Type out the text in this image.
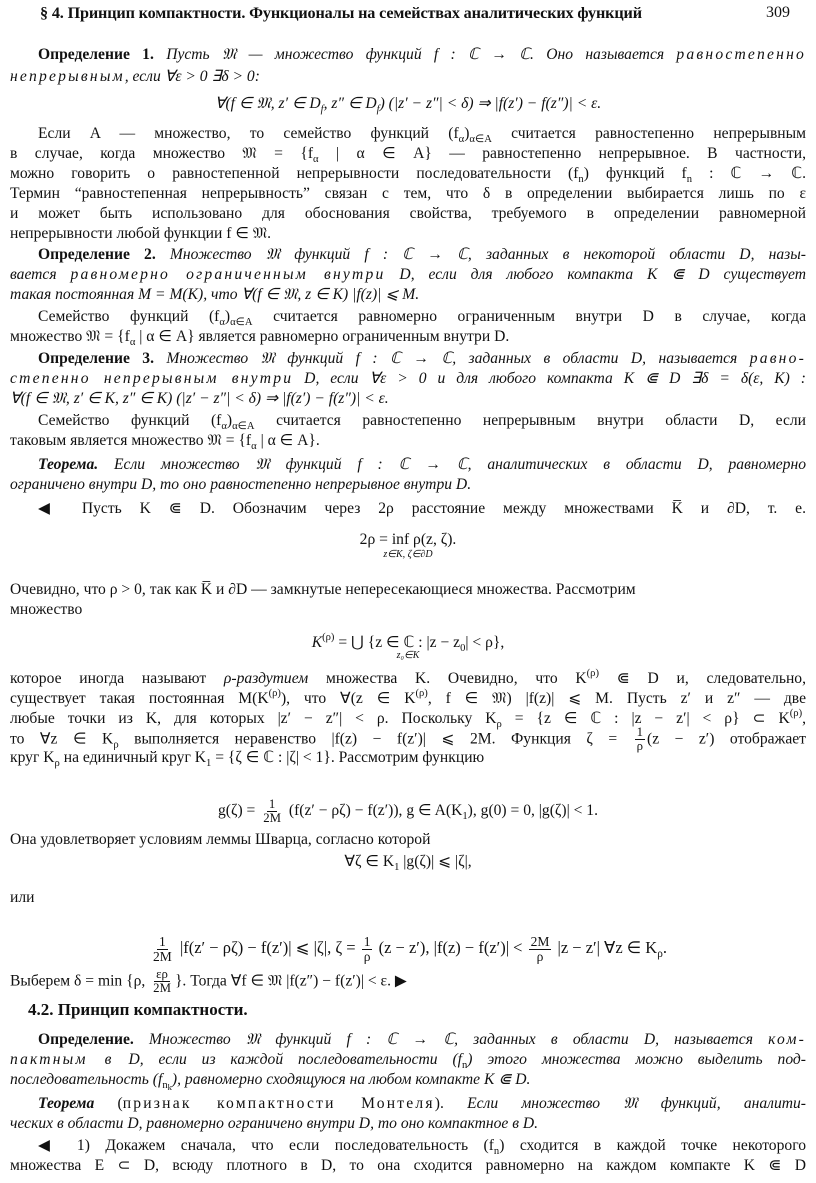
§ 4. Принцип компактности. Функционалы на семействах аналитических функций	309
Определение 1. Пусть 𝔐 — множество функций f : ℂ → ℂ. Оно называется равностепенно
непрерывным, если ∀ε > 0 ∃δ > 0:
∀(f ∈ 𝔐, z′ ∈ $D_f$, z″ ∈ $D_f$) (|z′ − z″| < δ) ⇒ |f(z′) − f(z″)| < ε.
Если A — множество, то семейство функций $(f_\alpha)_{\alpha\in A}$ считается равностепенно непрерывным
в случае, когда множество 𝔐 = {$f_\alpha$ | α ∈ A} — равностепенно непрерывное. В частности,
можно говорить о равностепенной непрерывности последовательности $(f_n)$ функций $f_n$ : ℂ → ℂ.
Термин “равностепенная непрерывность” связан с тем, что δ в определении выбирается лишь по ε
и может быть использовано для обоснования свойства, требуемого в определении равномерной
непрерывности любой функции f ∈ 𝔐.
Определение 2. Множество 𝔐 функций f : ℂ → ℂ, заданных в некоторой области D, назы-
вается равномерно ограниченным внутри D, если для любого компакта K ⋐ D существует
такая постоянная M = M(K), что ∀(f ∈ 𝔐, z ∈ K) |f(z)| ⩽ M.
Семейство функций $(f_\alpha)_{\alpha\in A}$ считается равномерно ограниченным внутри D в случае, когда
множество 𝔐 = {$f_\alpha$ | α ∈ A} является равномерно ограниченным внутри D.
Определение 3. Множество 𝔐 функций f : ℂ → ℂ, заданных в области D, называется равно-
степенно непрерывным внутри D, если ∀ε > 0 и для любого компакта K ⋐ D ∃δ = δ(ε, K) :
∀(f ∈ 𝔐, z′ ∈ K, z″ ∈ K) (|z′ − z″| < δ) ⇒ |f(z′) − f(z″)| < ε.
Семейство функций $(f_\alpha)_{\alpha\in A}$ считается равностепенно непрерывным внутри области D, если
таковым является множество 𝔐 = {$f_\alpha$ | α ∈ A}.
Теорема. Если множество 𝔐 функций f : ℂ → ℂ, аналитических в области D, равномерно
ограничено внутри D, то оно равностепенно непрерывное внутри D.
◀ Пусть K ⋐ D. Обозначим через 2ρ расстояние между множествами K̅ и ∂D, т. е.
2ρ = inf ρ(z, ζ).
z∈K, ζ∈∂D
Очевидно, что ρ > 0, так как K̅ и ∂D — замкнутые непересекающиеся множества. Рассмотрим
множество
$K^{(\rho)}$ = ⋃ {z ∈ ℂ : $|z - z_0| < \rho$},
z₀∈K
которое иногда называют ρ-раздутием множества K. Очевидно, что $K^{(\rho)}$ ⋐ D и, следовательно,
существует такая постоянная $M(K^{(\rho)})$, что ∀(z ∈ $K^{(\rho)}$, f ∈ 𝔐) |f(z)| ⩽ M. Пусть z′ и z″ — две
любые точки из K, для которых |z′ − z″| < ρ. Поскольку $K_\rho = \{z$ ∈ ℂ : |z − z′| < ρ} ⊂ $K^{(\rho)}$,
то ∀z ∈ $K_\rho$ выполняется неравенство |f(z) − f(z′)| ⩽ 2M. Функция $\zeta = \frac{1}{\rho} (z - z')$ отображает
круг $K_\rho$ на единичный круг $K_1 = \{\zeta$ ∈ ℂ : |ζ| < 1}. Рассмотрим функцию
$g(\zeta) = \frac{1}{2M} (f(z' - \rho\zeta) - f(z'))$, g ∈ $A(K_1)$, g(0) = 0, |g(ζ)| < 1.
Она удовлетворяет условиям леммы Шварца, согласно которой
∀ζ ∈ $K_1$ |g(ζ)| ⩽ |ζ|,
или
$\frac{1}{2M} |f(z' - \rho\zeta) - f(z')|$ ⩽ |ζ|, $\zeta = \frac{1}{\rho} (z - z')$, $|f(z) - f(z')| < \frac{2M}{\rho} |z - z'|$ ∀z ∈ $K_\rho$.
Выберем δ = min {ρ, $\frac{\varepsilon\rho}{2M}$ }. Тогда ∀f ∈ 𝔐 |f(z″) − f(z′)| < ε. ▶
4.2. Принцип компактности.
Определение. Множество 𝔐 функций f : ℂ → ℂ, заданных в области D, называется ком-
пактным в D, если из каждой последовательности $(f_n)$ этого множества можно выделить под-
последовательность $(f_{nk})$, равномерно сходящуюся на любом компакте K ⋐ D.
Теорема (признак компактности Монтеля). Если множество 𝔐 функций, аналити-
ческих в области D, равномерно ограничено внутри D, то оно компактное в D.
◀ 1) Докажем сначала, что если последовательность $(f_n)$ сходится в каждой точке некоторого
множества E ⊂ D, всюду плотного в D, то она сходится равномерно на каждом компакте K ⋐ D
